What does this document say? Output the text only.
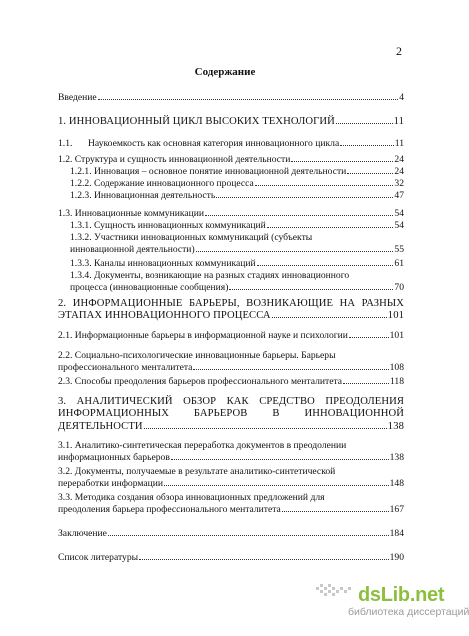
2
Содержание
Введение	4
1. ИННОВАЦИОННЫЙ ЦИКЛ ВЫСОКИХ ТЕХНОЛОГИЙ	11
1.1. Наукоемкость как основная категория инновационного цикла	11
1.2. Структура и сущность инновационной деятельности	24
1.2.1. Инновация – основное понятие инновационной деятельности	24
1.2.2. Содержание инновационного процесса	32
1.2.3. Инновационная деятельность	47
1.3. Инновационные коммуникации	54
1.3.1. Сущность инновационных коммуникаций	54
1.3.2. Участники инновационных коммуникаций (субъекты
инновационной деятельности)	55
1.3.3. Каналы инновационных коммуникаций	61
1.3.4. Документы, возникающие на разных стадиях инновационного
процесса (инновационные сообщения)	70
2. ИНФОРМАЦИОННЫЕ БАРЬЕРЫ, ВОЗНИКАЮЩИЕ НА РАЗНЫХ
ЭТАПАХ ИННОВАЦИОННОГО ПРОЦЕССА	101
2.1. Информационные барьеры в информационной науке и психологии	101
2.2. Социально-психологические инновационные барьеры. Барьеры
профессионального менталитета	108
2.3. Способы преодоления барьеров профессионального менталитета	118
3. АНАЛИТИЧЕСКИЙ ОБЗОР КАК СРЕДСТВО ПРЕОДОЛЕНИЯ
ИНФОРМАЦИОННЫХ БАРЬЕРОВ В ИННОВАЦИОННОЙ
ДЕЯТЕЛЬНОСТИ	138
3.1. Аналитико-синтетическая переработка документов в преодолении
информационных барьеров	138
3.2. Документы, получаемые в результате аналитико-синтетической
переработки информации	148
3.3. Методика создания обзора инновационных предложений для
преодоления барьера профессионального менталитета	167
Заключение	184
Список литературы	190
dsLib.net
библиотека диссертаций
